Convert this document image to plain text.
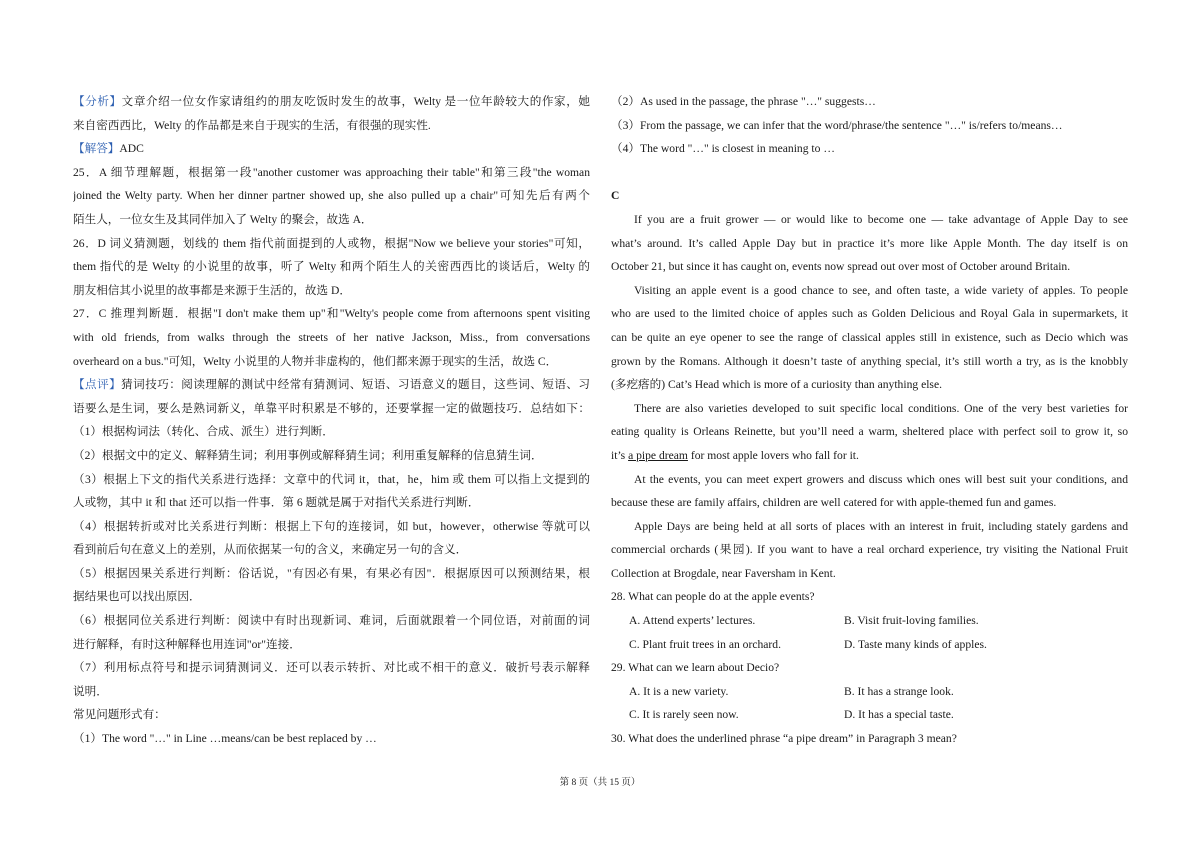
【分析】文章介绍一位女作家请组约的朋友吃饭时发生的故事，Welty 是一位年龄较大的作家，她
来自密西西比，Welty 的作品都是来自于现实的生活，有很强的现实性.
【解答】ADC
25．A 细节理解题，根据第一段"another customer was approaching their table"和第三段"the woman
joined the Welty party. When her dinner partner showed up, she also pulled up a chair"可知先后有两个
陌生人，一位女生及其同伴加入了 Welty 的聚会，故选 A．
26．D 词义猜测题，划线的 them 指代前面提到的人或物，根据"Now we believe your stories"可知，
them 指代的是 Welty 的小说里的故事，听了 Welty 和两个陌生人的关密西西比的谈话后，Welty 的
朋友相信其小说里的故事都是来源于生活的，故选 D．
27．C 推理判断题．根据"I don't make them up"和"Welty's people come from afternoons spent visiting
with old friends, from walks through the streets of her native Jackson, Miss., from conversations
overheard on a bus."可知，Welty 小说里的人物并非虚构的，他们都来源于现实的生活，故选 C．
【点评】猜词技巧：阅读理解的测试中经常有猜测词、短语、习语意义的题目，这些词、短语、习
语要么是生词，要么是熟词新义，单靠平时积累是不够的，还要掌握一定的做题技巧．总结如下：
（1）根据构词法（转化、合成、派生）进行判断．
（2）根据文中的定义、解释猜生词；利用事例或解释猜生词；利用重复解释的信息猜生词．
（3）根据上下文的指代关系进行选择：文章中的代词 it，that，he，him 或 them 可以指上文提到的
人或物，其中 it 和 that 还可以指一件事．第 6 题就是属于对指代关系进行判断．
（4）根据转折或对比关系进行判断：根据上下句的连接词，如 but，however，otherwise 等就可以
看到前后句在意义上的差别，从而依据某一句的含义，来确定另一句的含义．
（5）根据因果关系进行判断：俗话说，"有因必有果，有果必有因"．根据原因可以预测结果，根
据结果也可以找出原因．
（6）根据同位关系进行判断：阅读中有时出现新词、难词，后面就跟着一个同位语，对前面的词
进行解释，有时这种解释也用连词"or"连接．
（7）利用标点符号和提示词猜测词义．还可以表示转折、对比或不相干的意义．破折号表示解释
说明．
常见问题形式有：
（1）The word "…" in Line …means/can be best replaced by …
（2）As used in the passage, the phrase "…" suggests…
（3）From the passage, we can infer that the word/phrase/the sentence "…" is/refers to/means…
（4）The word "…" is closest in meaning to …
C
If you are a fruit grower — or would like to become one — take advantage of Apple Day to see
what’s around. It’s called Apple Day but in practice it’s more like Apple Month. The day itself is on
October 21, but since it has caught on, events now spread out over most of October around Britain.
Visiting an apple event is a good chance to see, and often taste, a wide variety of apples. To people
who are used to the limited choice of apples such as Golden Delicious and Royal Gala in supermarkets, it
can be quite an eye opener to see the range of classical apples still in existence, such as Decio which was
grown by the Romans. Although it doesn’t taste of anything special, it’s still worth a try, as is the knobbly
(多疙瘩的) Cat’s Head which is more of a curiosity than anything else.
There are also varieties developed to suit specific local conditions. One of the very best varieties for
eating quality is Orleans Reinette, but you’ll need a warm, sheltered place with perfect soil to grow it, so
it’s a pipe dream for most apple lovers who fall for it.
At the events, you can meet expert growers and discuss which ones will best suit your conditions, and
because these are family affairs, children are well catered for with apple-themed fun and games.
Apple Days are being held at all sorts of places with an interest in fruit, including stately gardens and
commercial orchards (果园). If you want to have a real orchard experience, try visiting the National Fruit
Collection at Brogdale, near Faversham in Kent.
28. What can people do at the apple events?
A. Attend experts’ lectures.	B. Visit fruit-loving families.
C. Plant fruit trees in an orchard.	D. Taste many kinds of apples.
29. What can we learn about Decio?
A. It is a new variety.	B. It has a strange look.
C. It is rarely seen now.	D. It has a special taste.
30. What does the underlined phrase “a pipe dream” in Paragraph 3 mean?
第 8 页（共 15 页）
